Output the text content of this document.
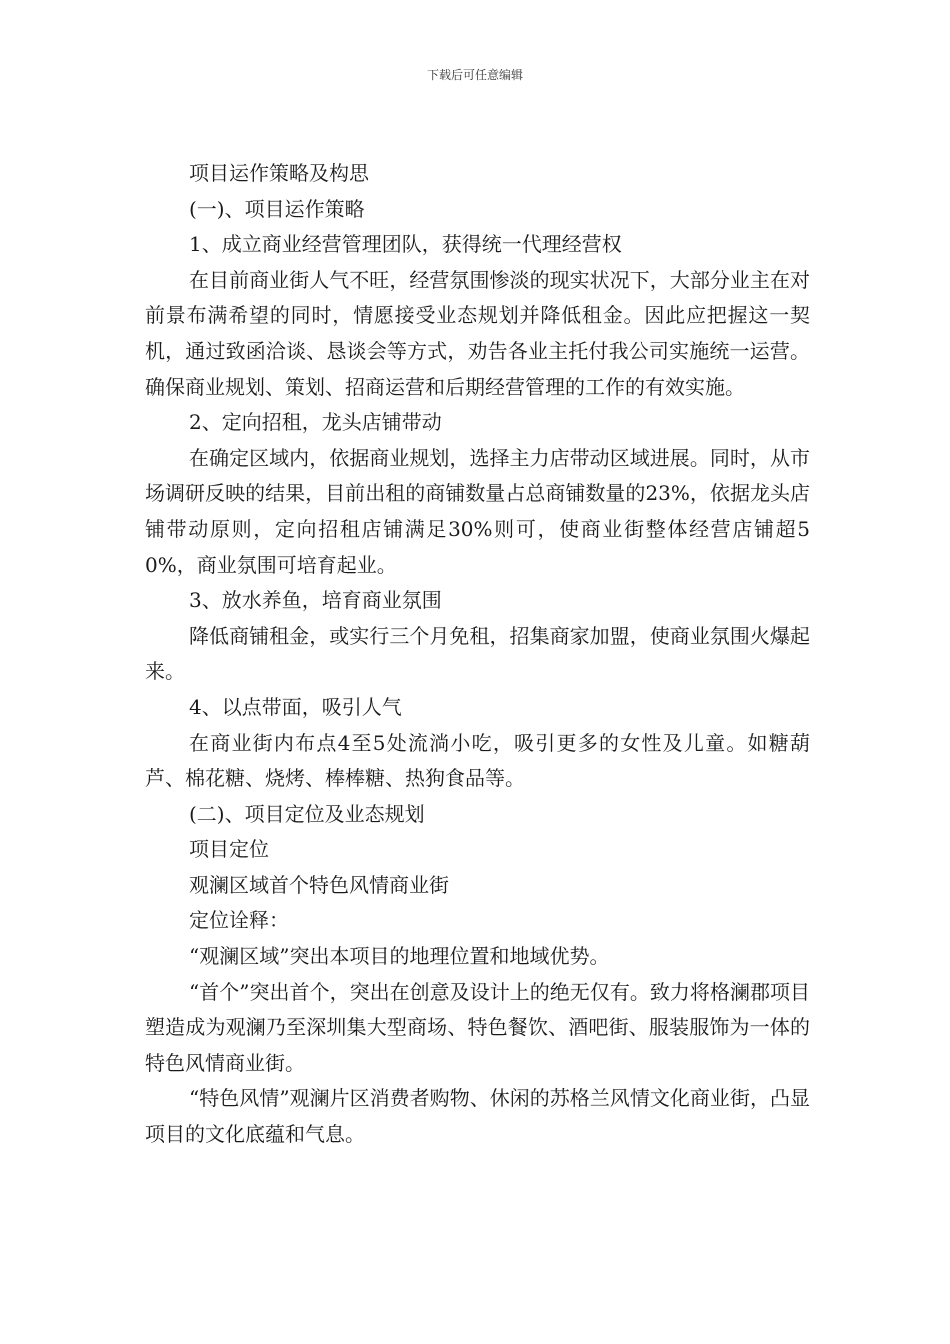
下载后可任意编辑

项目运作策略及构思

(一)、项目运作策略

1、成立商业经营管理团队，获得统一代理经营权

在目前商业街人气不旺，经营氛围惨淡的现实状况下，大部分业主在对前景布满希望的同时，情愿接受业态规划并降低租金。因此应把握这一契机，通过致函洽谈、恳谈会等方式，劝告各业主托付我公司实施统一运营。确保商业规划、策划、招商运营和后期经营管理的工作的有效实施。

2、定向招租，龙头店铺带动

在确定区域内，依据商业规划，选择主力店带动区域进展。同时，从市场调研反映的结果，目前出租的商铺数量占总商铺数量的23%，依据龙头店铺带动原则，定向招租店铺满足30%则可，使商业街整体经营店铺超50%，商业氛围可培育起业。

3、放水养鱼，培育商业氛围

降低商铺租金，或实行三个月免租，招集商家加盟，使商业氛围火爆起来。

4、以点带面，吸引人气

在商业街内布点4至5处流淌小吃，吸引更多的女性及儿童。如糖葫芦、棉花糖、烧烤、棒棒糖、热狗食品等。

(二)、项目定位及业态规划

项目定位

观澜区域首个特色风情商业街

定位诠释：

“观澜区域”突出本项目的地理位置和地域优势。

“首个”突出首个，突出在创意及设计上的绝无仅有。致力将格澜郡项目塑造成为观澜乃至深圳集大型商场、特色餐饮、酒吧街、服装服饰为一体的特色风情商业街。

“特色风情”观澜片区消费者购物、休闲的苏格兰风情文化商业街，凸显项目的文化底蕴和气息。
